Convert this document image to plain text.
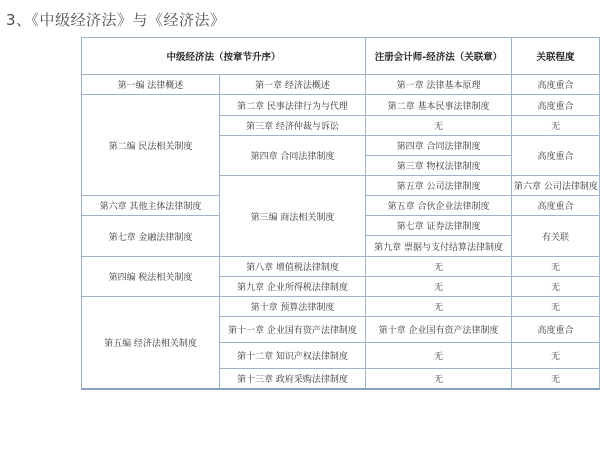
3、《中级经济法》与《经济法》
中级经济法（按章节升序）		注册会计师-经济法（关联章）	关联程度	
第一编 法律概述	第一章 经济法概述	第一章 法律基本原理	高度重合	
第二编 民法相关制度	第二章 民事法律行为与代理	第二章 基本民事法律制度	高度重合	
	第三章 经济仲裁与诉讼	无	无	
	第四章 合同法律制度	第四章 合同法律制度	高度重合	
		第三章 物权法律制度		
	第三编 商法相关制度	第五章 公司法律制度	第六章 公司法律制度	
第六章 其他主体法律制度		第五章 合伙企业法律制度	高度重合	
第七章 金融法律制度		第七章 证券法律制度	有关联	
		第九章 票据与支付结算法律制度		
第四编 税法相关制度	第八章 增值税法律制度	无	无	
	第九章 企业所得税法律制度	无	无	
第五编 经济法相关制度	第十章 预算法律制度	无	无	
	第十一章 企业国有资产法律制度	第十章 企业国有资产法律制度	高度重合	
	第十二章 知识产权法律制度	无	无	
	第十三章 政府采购法律制度	无	无	
